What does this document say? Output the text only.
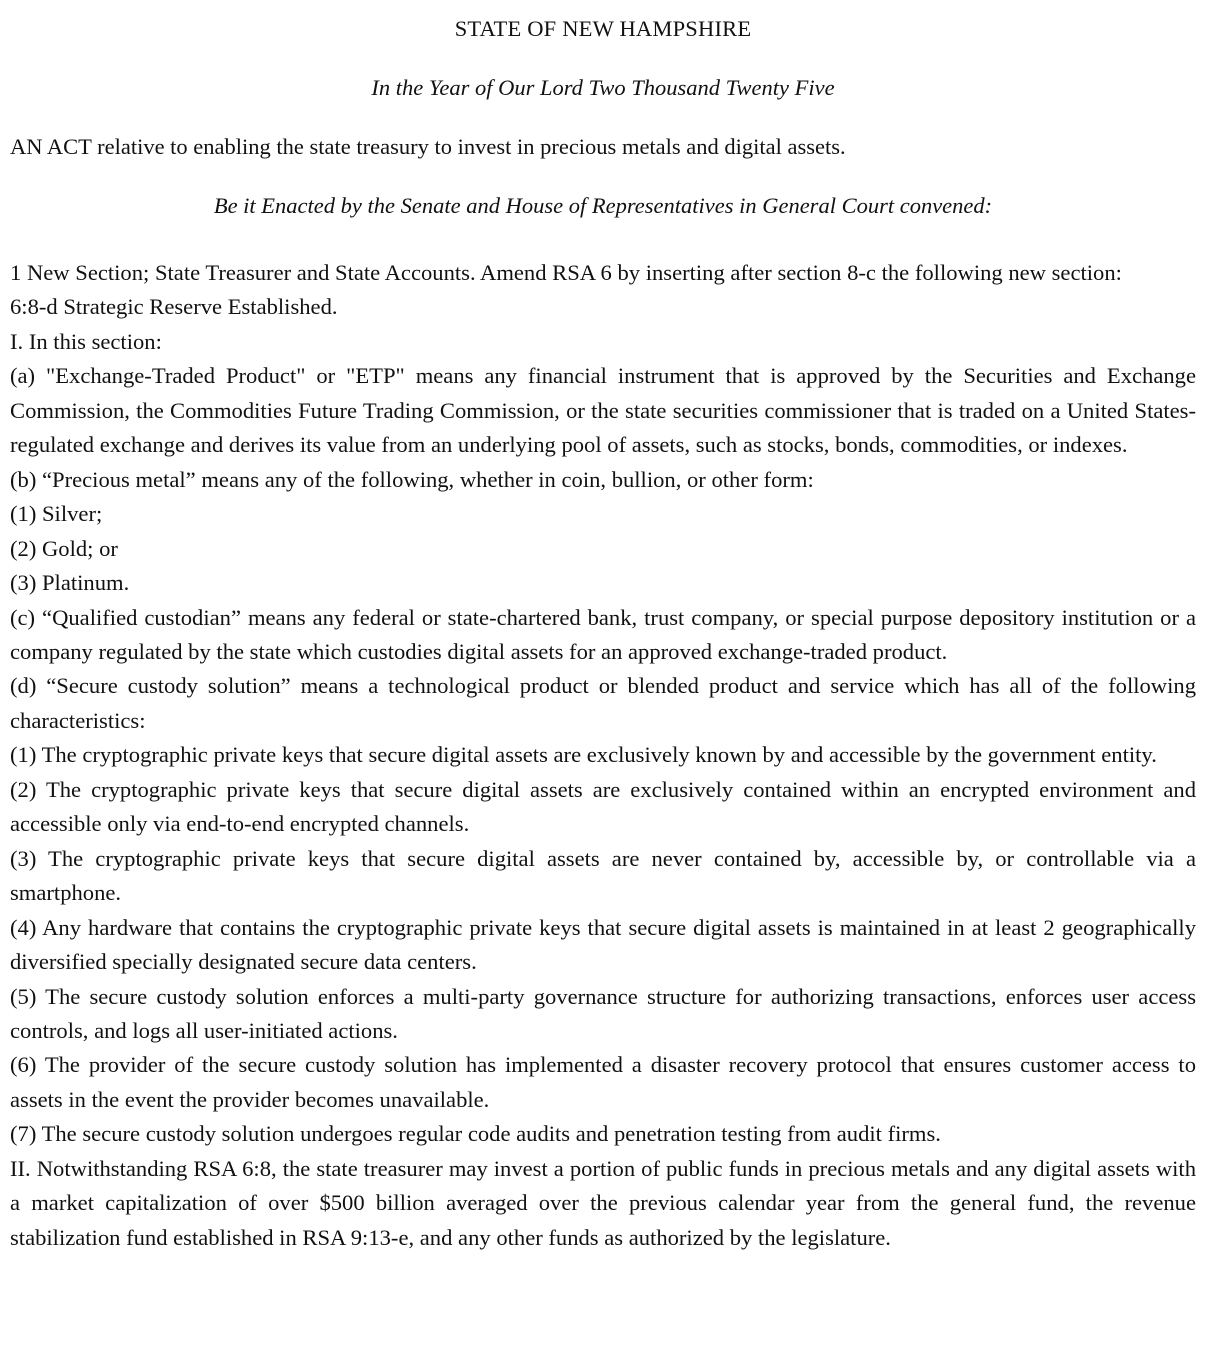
STATE OF NEW HAMPSHIRE

In the Year of Our Lord Two Thousand Twenty Five

AN ACT relative to enabling the state treasury to invest in precious metals and digital assets.

Be it Enacted by the Senate and House of Representatives in General Court convened:

1 New Section; State Treasurer and State Accounts. Amend RSA 6 by inserting after section 8-c the following new section:

6:8-d Strategic Reserve Established.

I. In this section:

(a) "Exchange-Traded Product" or "ETP" means any financial instrument that is approved by the Securities and Exchange Commission, the Commodities Future Trading Commission, or the state securities commissioner that is traded on a United States-regulated exchange and derives its value from an underlying pool of assets, such as stocks, bonds, commodities, or indexes.

(b) “Precious metal” means any of the following, whether in coin, bullion, or other form:

(1) Silver;

(2) Gold; or

(3) Platinum.

(c) “Qualified custodian” means any federal or state-chartered bank, trust company, or special purpose depository institution or a company regulated by the state which custodies digital assets for an approved exchange-traded product.

(d) “Secure custody solution” means a technological product or blended product and service which has all of the following characteristics:

(1) The cryptographic private keys that secure digital assets are exclusively known by and accessible by the government entity.

(2) The cryptographic private keys that secure digital assets are exclusively contained within an encrypted environment and accessible only via end-to-end encrypted channels.

(3) The cryptographic private keys that secure digital assets are never contained by, accessible by, or controllable via a smartphone.

(4) Any hardware that contains the cryptographic private keys that secure digital assets is maintained in at least 2 geographically diversified specially designated secure data centers.

(5) The secure custody solution enforces a multi-party governance structure for authorizing transactions, enforces user access controls, and logs all user-initiated actions.

(6) The provider of the secure custody solution has implemented a disaster recovery protocol that ensures customer access to assets in the event the provider becomes unavailable.

(7) The secure custody solution undergoes regular code audits and penetration testing from audit firms.

II. Notwithstanding RSA 6:8, the state treasurer may invest a portion of public funds in precious metals and any digital assets with a market capitalization of over $500 billion averaged over the previous calendar year from the general fund, the revenue stabilization fund established in RSA 9:13-e, and any other funds as authorized by the legislature.
